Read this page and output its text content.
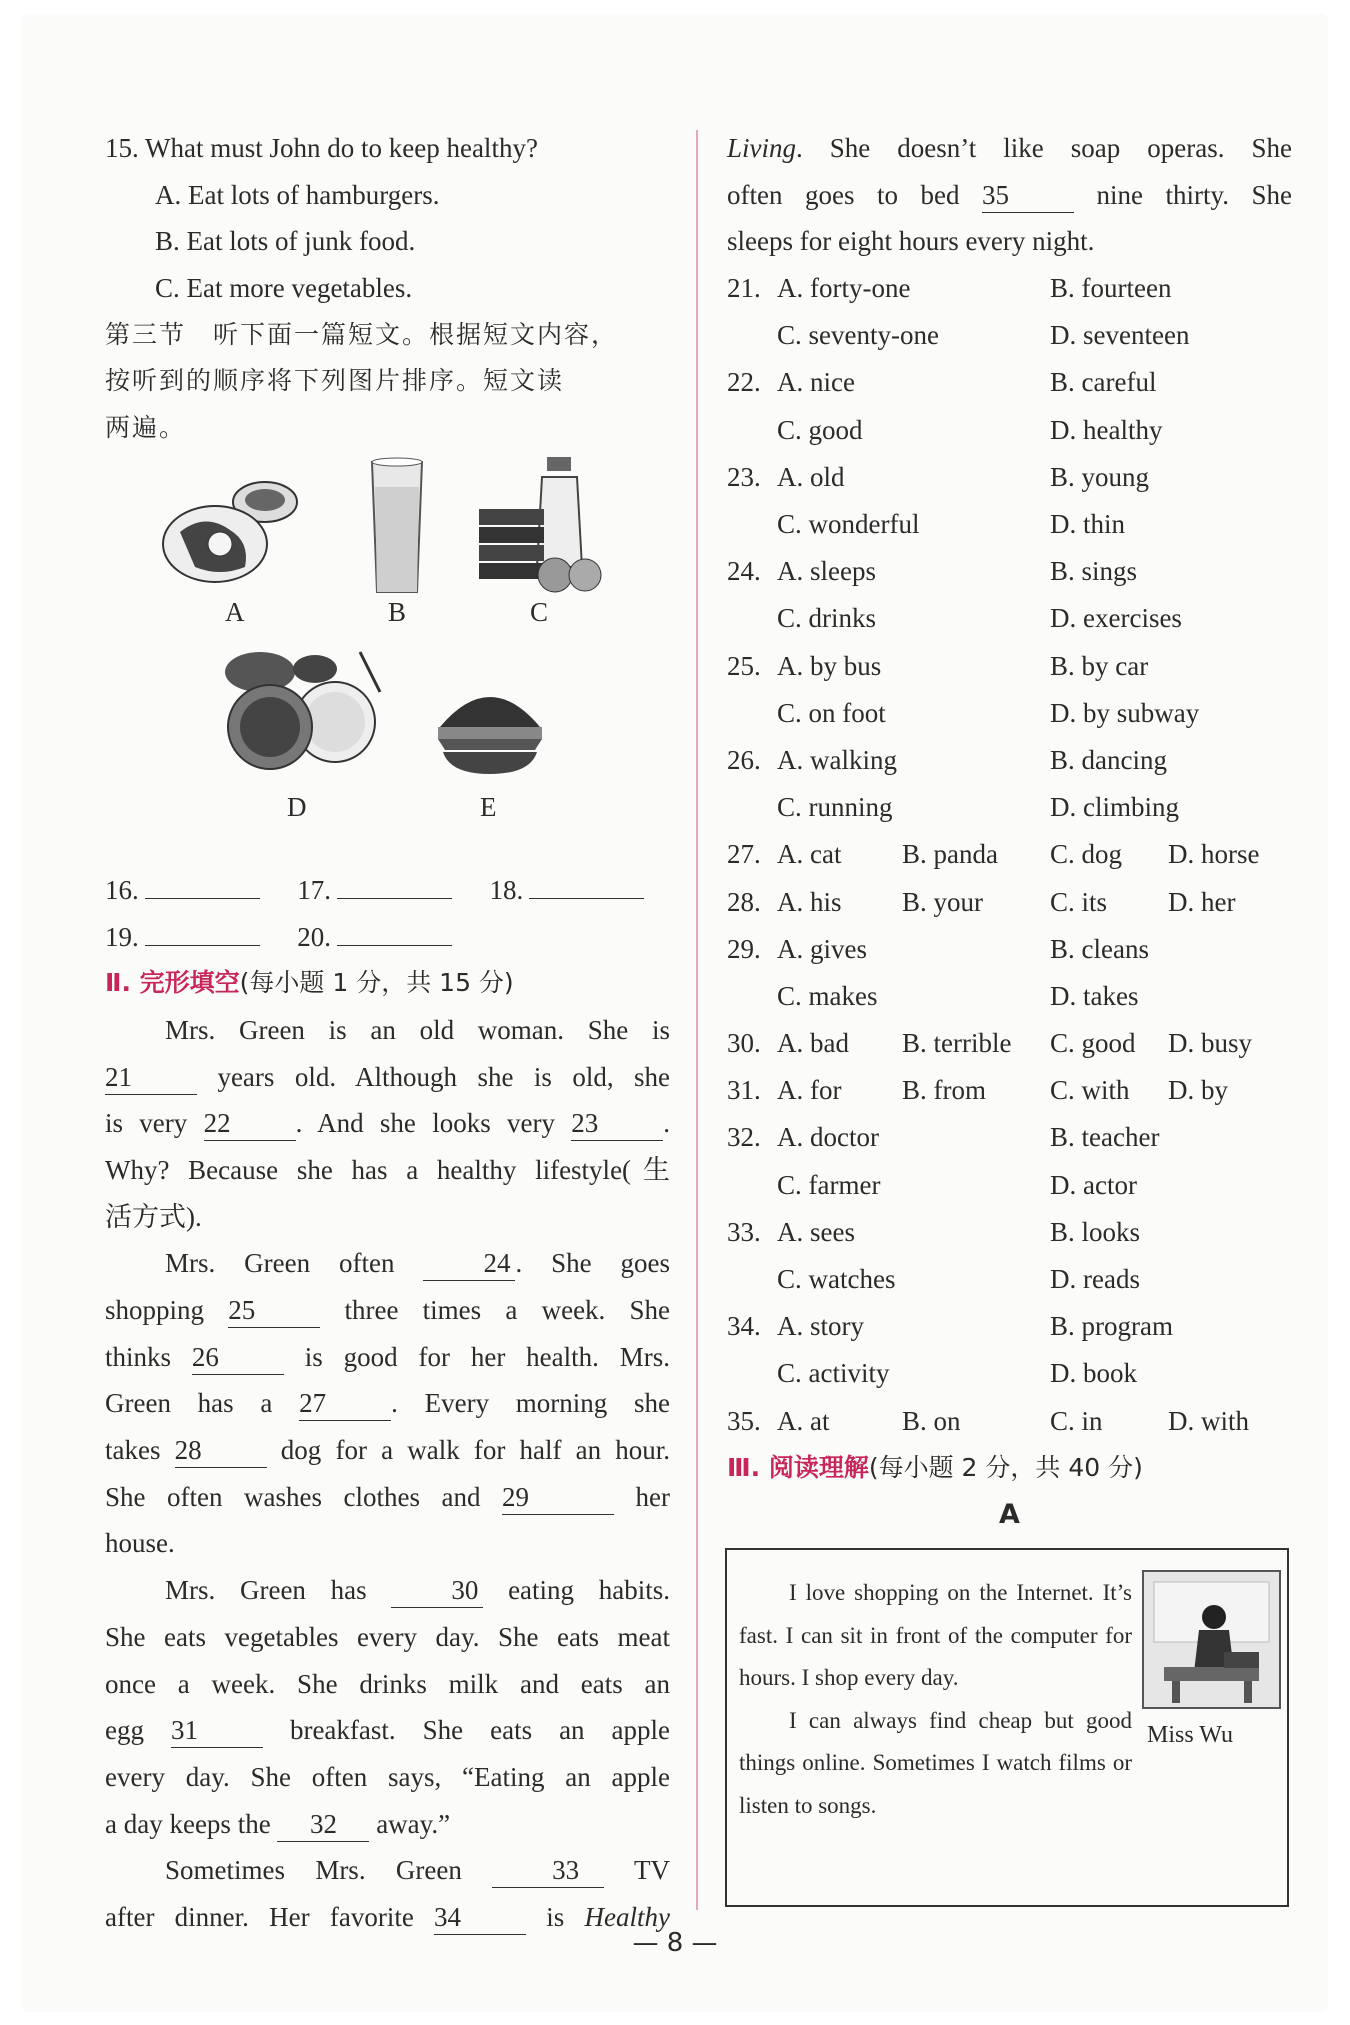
15. What must John do to keep healthy?
A. Eat lots of hamburgers.
B. Eat lots of junk food.
C. Eat more vegetables.
第三节　听下面一篇短文。根据短文内容，
按听到的顺序将下列图片排序。短文读
两遍。
A	B	C
D	E
16.	17.	18.
19.	20.
Ⅱ. 完形填空(每小题 1 分，共 15 分)
Mrs. Green is an old woman. She is
21	years old. Although she is old, she
is very 22 . And she looks very 23 .
Why? Because she has a healthy lifestyle(生
活方式).
Mrs. Green often	24 . She goes
shopping 25	three times a week. She
thinks 26	is good for her health. Mrs.
Green has a 27 . Every morning she
takes 28	dog for a walk for half an hour.
She often washes clothes and 29	her
house.
Mrs. Green has	30 eating habits.
She eats vegetables every day. She eats meat
once a week. She drinks milk and eats an
egg 31	breakfast. She eats an apple
every day. She often says, “Eating an apple
a day keeps the 32 away.”
Sometimes Mrs. Green	33 TV
after dinner. Her favorite 34	is Healthy
Living. She doesn’t like soap operas. She
often goes to bed 35	nine thirty. She
sleeps for eight hours every night.
21. A. forty-one	B. fourteen
C. seventy-one	D. seventeen
22. A. nice	B. careful
C. good	D. healthy
23. A. old	B. young
C. wonderful	D. thin
24. A. sleeps	B. sings
C. drinks	D. exercises
25. A. by bus	B. by car
C. on foot	D. by subway
26. A. walking	B. dancing
C. running	D. climbing
27. A. cat B. panda C. dog D. horse
28. A. his B. your C. its D. her
29. A. gives	B. cleans
C. makes	D. takes
30. A. bad B. terrible C. good D. busy
31. A. for B. from C. with D. by
32. A. doctor	B. teacher
C. farmer	D. actor
33. A. sees	B. looks
C. watches	D. reads
34. A. story	B. program
C. activity	D. book
35. A. at	B. on	C. in D. with
Ⅲ. 阅读理解(每小题 2 分，共 40 分)
A

I love shopping on the Internet. It’s fast. I can sit in front of the computer for hours. I shop every day.

I can always find cheap but good things online. Sometimes I watch films or listen to songs.

Miss Wu
— 8 —
